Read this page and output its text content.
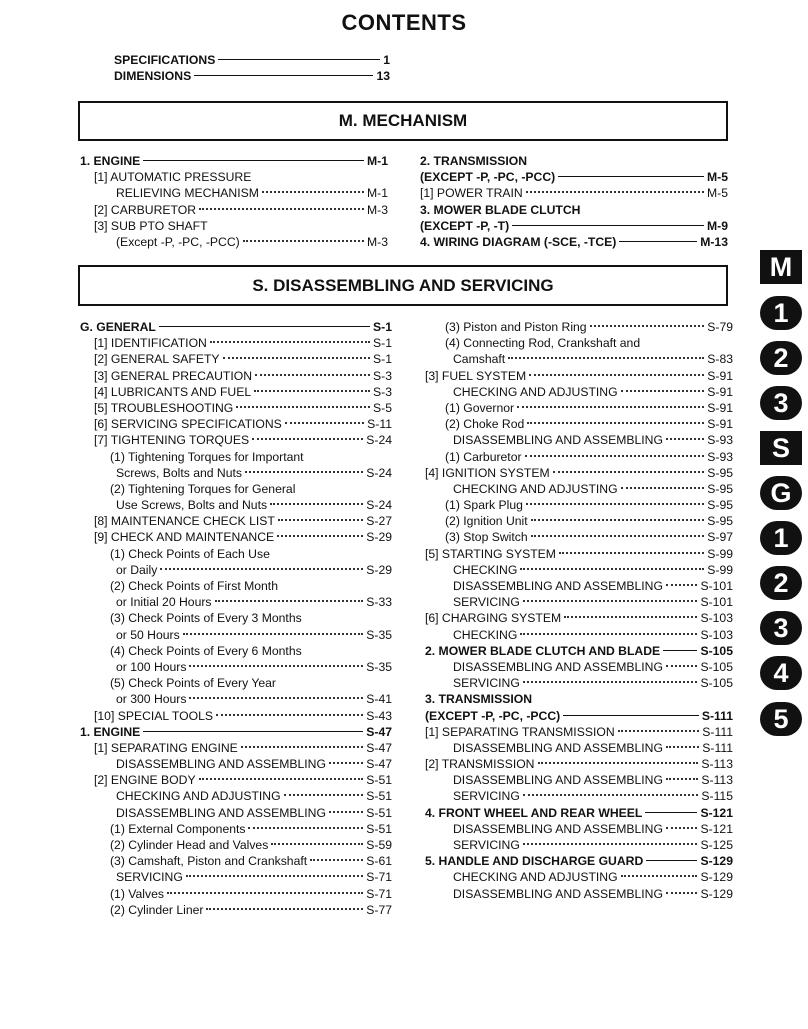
CONTENTS
SPECIFICATIONS	1
DIMENSIONS	13
M. MECHANISM
1. ENGINE	M-1
[1] AUTOMATIC PRESSURE
RELIEVING MECHANISM	M-1
[2] CARBURETOR	M-3
[3] SUB PTO SHAFT
(Except -P, -PC, -PCC)	M-3
2. TRANSMISSION
(EXCEPT -P, -PC, -PCC)	M-5
[1] POWER TRAIN	M-5
3. MOWER BLADE CLUTCH
(EXCEPT -P, -T)	M-9
4. WIRING DIAGRAM (-SCE, -TCE)	M-13
S. DISASSEMBLING AND SERVICING
G. GENERAL	S-1
[1] IDENTIFICATION	S-1
[2] GENERAL SAFETY	S-1
[3] GENERAL PRECAUTION	S-3
[4] LUBRICANTS AND FUEL	S-3
[5] TROUBLESHOOTING	S-5
[6] SERVICING SPECIFICATIONS	S-11
[7] TIGHTENING TORQUES	S-24
(1) Tightening Torques for Important
Screws, Bolts and Nuts	S-24
(2) Tightening Torques for General
Use Screws, Bolts and Nuts	S-24
[8] MAINTENANCE CHECK LIST	S-27
[9] CHECK AND MAINTENANCE	S-29
(1) Check Points of Each Use
or Daily	S-29
(2) Check Points of First Month
or Initial 20 Hours	S-33
(3) Check Points of Every 3 Months
or 50 Hours	S-35
(4) Check Points of Every 6 Months
or 100 Hours	S-35
(5) Check Points of Every Year
or 300 Hours	S-41
[10] SPECIAL TOOLS	S-43
1. ENGINE	S-47
[1] SEPARATING ENGINE	S-47
DISASSEMBLING AND ASSEMBLING	S-47
[2] ENGINE BODY	S-51
CHECKING AND ADJUSTING	S-51
DISASSEMBLING AND ASSEMBLING	S-51
(1) External Components	S-51
(2) Cylinder Head and Valves	S-59
(3) Camshaft, Piston and Crankshaft	S-61
SERVICING	S-71
(1) Valves	S-71
(2) Cylinder Liner	S-77
(3) Piston and Piston Ring	S-79
(4) Connecting Rod, Crankshaft and
Camshaft	S-83
[3] FUEL SYSTEM	S-91
CHECKING AND ADJUSTING	S-91
(1) Governor	S-91
(2) Choke Rod	S-91
DISASSEMBLING AND ASSEMBLING	S-93
(1) Carburetor	S-93
[4] IGNITION SYSTEM	S-95
CHECKING AND ADJUSTING	S-95
(1) Spark Plug	S-95
(2) Ignition Unit	S-95
(3) Stop Switch	S-97
[5] STARTING SYSTEM	S-99
CHECKING	S-99
DISASSEMBLING AND ASSEMBLING	S-101
SERVICING	S-101
[6] CHARGING SYSTEM	S-103
CHECKING	S-103
2. MOWER BLADE CLUTCH AND BLADE	S-105
DISASSEMBLING AND ASSEMBLING	S-105
SERVICING	S-105
3. TRANSMISSION
(EXCEPT -P, -PC, -PCC)	S-111
[1] SEPARATING TRANSMISSION	S-111
DISASSEMBLING AND ASSEMBLING	S-111
[2] TRANSMISSION	S-113
DISASSEMBLING AND ASSEMBLING	S-113
SERVICING	S-115
4. FRONT WHEEL AND REAR WHEEL	S-121
DISASSEMBLING AND ASSEMBLING	S-121
SERVICING	S-125
5. HANDLE AND DISCHARGE GUARD	S-129
CHECKING AND ADJUSTING	S-129
DISASSEMBLING AND ASSEMBLING	S-129
M
1
2
3
S
G
1
2
3
4
5
